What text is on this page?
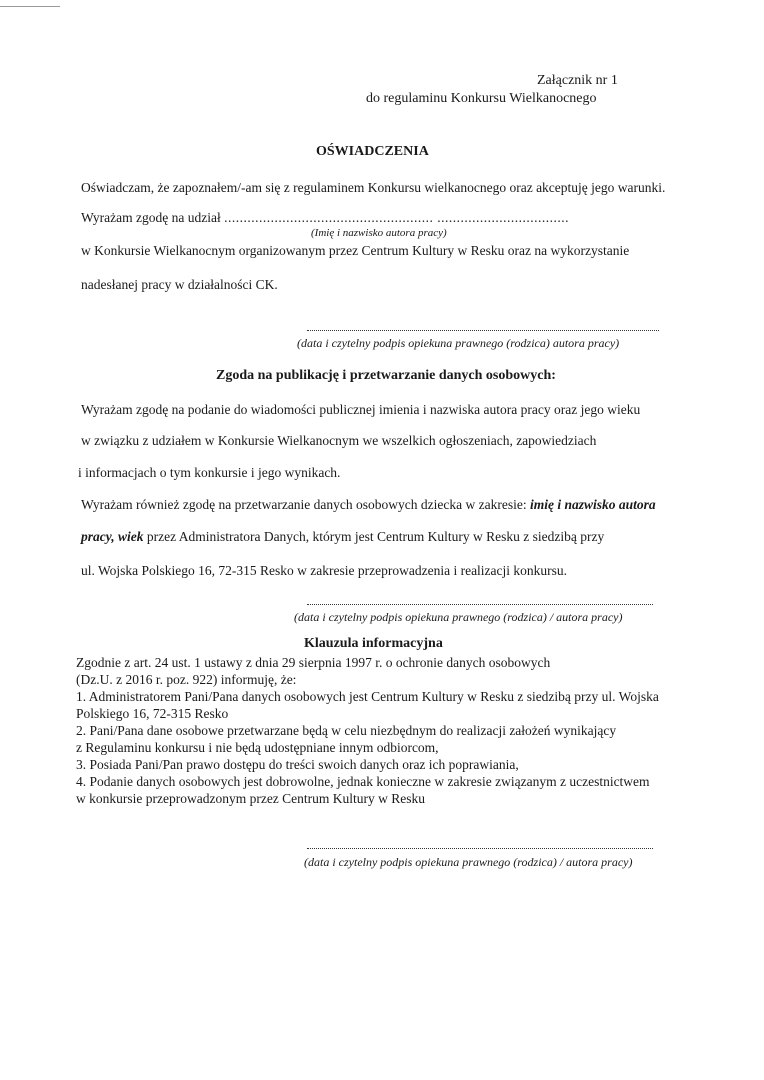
Załącznik nr 1
do regulaminu Konkursu Wielkanocnego
OŚWIADCZENIA
Oświadczam, że zapoznałem/-am się z regulaminem Konkursu wielkanocnego oraz akceptuję jego warunki.
Wyrażam zgodę na udział ...................................................... ..................................
(Imię i nazwisko autora pracy)
w Konkursie Wielkanocnym organizowanym przez Centrum Kultury w Resku oraz na wykorzystanie
nadesłanej pracy w działalności CK.
(data i czytelny podpis opiekuna prawnego (rodzica) autora pracy)
Zgoda na publikację i przetwarzanie danych osobowych:
Wyrażam zgodę na podanie do wiadomości publicznej imienia i nazwiska autora pracy oraz jego wieku
w związku z udziałem w Konkursie Wielkanocnym we wszelkich ogłoszeniach, zapowiedziach
i informacjach o tym konkursie i jego wynikach.
Wyrażam również zgodę na przetwarzanie danych osobowych dziecka w zakresie: imię i nazwisko autora
pracy, wiek przez Administratora Danych, którym jest Centrum Kultury w Resku z siedzibą przy
ul. Wojska Polskiego 16, 72-315 Resko w zakresie przeprowadzenia i realizacji konkursu.
(data i czytelny podpis opiekuna prawnego (rodzica) / autora pracy)
Klauzula informacyjna
Zgodnie z art. 24 ust. 1 ustawy z dnia 29 sierpnia 1997 r. o ochronie danych osobowych
(Dz.U. z 2016 r. poz. 922) informuję, że:
1. Administratorem Pani/Pana danych osobowych jest Centrum Kultury w Resku z siedzibą przy ul. Wojska
Polskiego 16, 72-315 Resko
2. Pani/Pana dane osobowe przetwarzane będą w celu niezbędnym do realizacji założeń wynikający
z Regulaminu konkursu i nie będą udostępniane innym odbiorcom,
3. Posiada Pani/Pan prawo dostępu do treści swoich danych oraz ich poprawiania,
4. Podanie danych osobowych jest dobrowolne, jednak konieczne w zakresie związanym z uczestnictwem
w konkursie przeprowadzonym przez Centrum Kultury w Resku
(data i czytelny podpis opiekuna prawnego (rodzica) / autora pracy)
